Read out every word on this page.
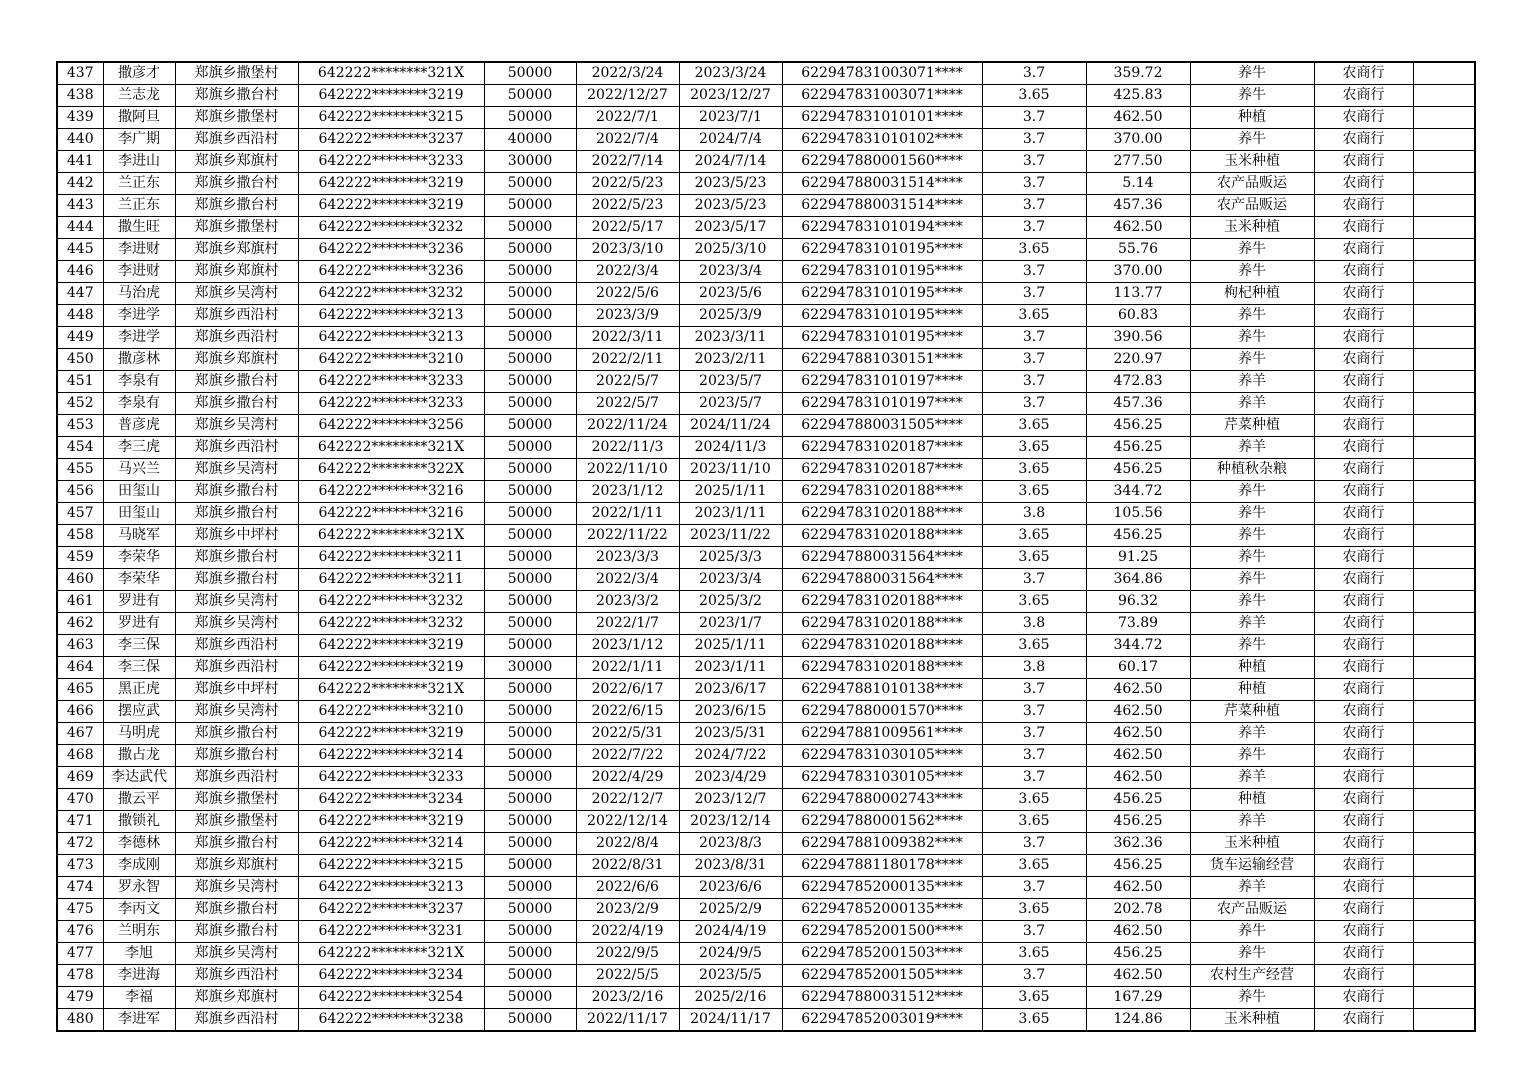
437	撒彦才	郑旗乡撒堡村	642222********321X	50000	2022/3/24	2023/3/24	622947831003071****	3.7	359.72	养牛	农商行	
438	兰志龙	郑旗乡撒台村	642222********3219	50000	2022/12/27	2023/12/27	622947831003071****	3.65	425.83	养牛	农商行	
439	撒阿旦	郑旗乡撒堡村	642222********3215	50000	2022/7/1	2023/7/1	622947831010101****	3.7	462.50	种植	农商行	
440	李广期	郑旗乡西沿村	642222********3237	40000	2022/7/4	2024/7/4	622947831010102****	3.7	370.00	养牛	农商行	
441	李进山	郑旗乡郑旗村	642222********3233	30000	2022/7/14	2024/7/14	622947880001560****	3.7	277.50	玉米种植	农商行	
442	兰正东	郑旗乡撒台村	642222********3219	50000	2022/5/23	2023/5/23	622947880031514****	3.7	5.14	农产品贩运	农商行	
443	兰正东	郑旗乡撒台村	642222********3219	50000	2022/5/23	2023/5/23	622947880031514****	3.7	457.36	农产品贩运	农商行	
444	撒生旺	郑旗乡撒堡村	642222********3232	50000	2022/5/17	2023/5/17	622947831010194****	3.7	462.50	玉米种植	农商行	
445	李进财	郑旗乡郑旗村	642222********3236	50000	2023/3/10	2025/3/10	622947831010195****	3.65	55.76	养牛	农商行	
446	李进财	郑旗乡郑旗村	642222********3236	50000	2022/3/4	2023/3/4	622947831010195****	3.7	370.00	养牛	农商行	
447	马治虎	郑旗乡吴湾村	642222********3232	50000	2022/5/6	2023/5/6	622947831010195****	3.7	113.77	枸杞种植	农商行	
448	李进学	郑旗乡西沿村	642222********3213	50000	2023/3/9	2025/3/9	622947831010195****	3.65	60.83	养牛	农商行	
449	李进学	郑旗乡西沿村	642222********3213	50000	2022/3/11	2023/3/11	622947831010195****	3.7	390.56	养牛	农商行	
450	撒彦林	郑旗乡郑旗村	642222********3210	50000	2022/2/11	2023/2/11	622947881030151****	3.7	220.97	养牛	农商行	
451	李泉有	郑旗乡撒台村	642222********3233	50000	2022/5/7	2023/5/7	622947831010197****	3.7	472.83	养羊	农商行	
452	李泉有	郑旗乡撒台村	642222********3233	50000	2022/5/7	2023/5/7	622947831010197****	3.7	457.36	养羊	农商行	
453	普彦虎	郑旗乡吴湾村	642222********3256	50000	2022/11/24	2024/11/24	622947880031505****	3.65	456.25	芹菜种植	农商行	
454	李三虎	郑旗乡西沿村	642222********321X	50000	2022/11/3	2024/11/3	622947831020187****	3.65	456.25	养羊	农商行	
455	马兴兰	郑旗乡吴湾村	642222********322X	50000	2022/11/10	2023/11/10	622947831020187****	3.65	456.25	种植秋杂粮	农商行	
456	田玺山	郑旗乡撒台村	642222********3216	50000	2023/1/12	2025/1/11	622947831020188****	3.65	344.72	养牛	农商行	
457	田玺山	郑旗乡撒台村	642222********3216	50000	2022/1/11	2023/1/11	622947831020188****	3.8	105.56	养牛	农商行	
458	马晓军	郑旗乡中坪村	642222********321X	50000	2022/11/22	2023/11/22	622947831020188****	3.65	456.25	养牛	农商行	
459	李荣华	郑旗乡撒台村	642222********3211	50000	2023/3/3	2025/3/3	622947880031564****	3.65	91.25	养牛	农商行	
460	李荣华	郑旗乡撒台村	642222********3211	50000	2022/3/4	2023/3/4	622947880031564****	3.7	364.86	养牛	农商行	
461	罗进有	郑旗乡吴湾村	642222********3232	50000	2023/3/2	2025/3/2	622947831020188****	3.65	96.32	养牛	农商行	
462	罗进有	郑旗乡吴湾村	642222********3232	50000	2022/1/7	2023/1/7	622947831020188****	3.8	73.89	养羊	农商行	
463	李三保	郑旗乡西沿村	642222********3219	50000	2023/1/12	2025/1/11	622947831020188****	3.65	344.72	养牛	农商行	
464	李三保	郑旗乡西沿村	642222********3219	30000	2022/1/11	2023/1/11	622947831020188****	3.8	60.17	种植	农商行	
465	黑正虎	郑旗乡中坪村	642222********321X	50000	2022/6/17	2023/6/17	622947881010138****	3.7	462.50	种植	农商行	
466	摆应武	郑旗乡吴湾村	642222********3210	50000	2022/6/15	2023/6/15	622947880001570****	3.7	462.50	芹菜种植	农商行	
467	马明虎	郑旗乡撒台村	642222********3219	50000	2022/5/31	2023/5/31	622947881009561****	3.7	462.50	养羊	农商行	
468	撒占龙	郑旗乡撒台村	642222********3214	50000	2022/7/22	2024/7/22	622947831030105****	3.7	462.50	养牛	农商行	
469	李达武代	郑旗乡西沿村	642222********3233	50000	2022/4/29	2023/4/29	622947831030105****	3.7	462.50	养羊	农商行	
470	撒云平	郑旗乡撒堡村	642222********3234	50000	2022/12/7	2023/12/7	622947880002743****	3.65	456.25	种植	农商行	
471	撒锁礼	郑旗乡撒堡村	642222********3219	50000	2022/12/14	2023/12/14	622947880001562****	3.65	456.25	养羊	农商行	
472	李德林	郑旗乡撒台村	642222********3214	50000	2022/8/4	2023/8/3	622947881009382****	3.7	362.36	玉米种植	农商行	
473	李成刚	郑旗乡郑旗村	642222********3215	50000	2022/8/31	2023/8/31	622947881180178****	3.65	456.25	货车运输经营	农商行	
474	罗永智	郑旗乡吴湾村	642222********3213	50000	2022/6/6	2023/6/6	622947852000135****	3.7	462.50	养羊	农商行	
475	李丙文	郑旗乡撒台村	642222********3237	50000	2023/2/9	2025/2/9	622947852000135****	3.65	202.78	农产品贩运	农商行	
476	兰明东	郑旗乡撒台村	642222********3231	50000	2022/4/19	2024/4/19	622947852001500****	3.7	462.50	养牛	农商行	
477	李旭	郑旗乡吴湾村	642222********321X	50000	2022/9/5	2024/9/5	622947852001503****	3.65	456.25	养牛	农商行	
478	李进海	郑旗乡西沿村	642222********3234	50000	2022/5/5	2023/5/5	622947852001505****	3.7	462.50	农村生产经营	农商行	
479	李福	郑旗乡郑旗村	642222********3254	50000	2023/2/16	2025/2/16	622947880031512****	3.65	167.29	养牛	农商行	
480	李进军	郑旗乡西沿村	642222********3238	50000	2022/11/17	2024/11/17	622947852003019****	3.65	124.86	玉米种植	农商行	
